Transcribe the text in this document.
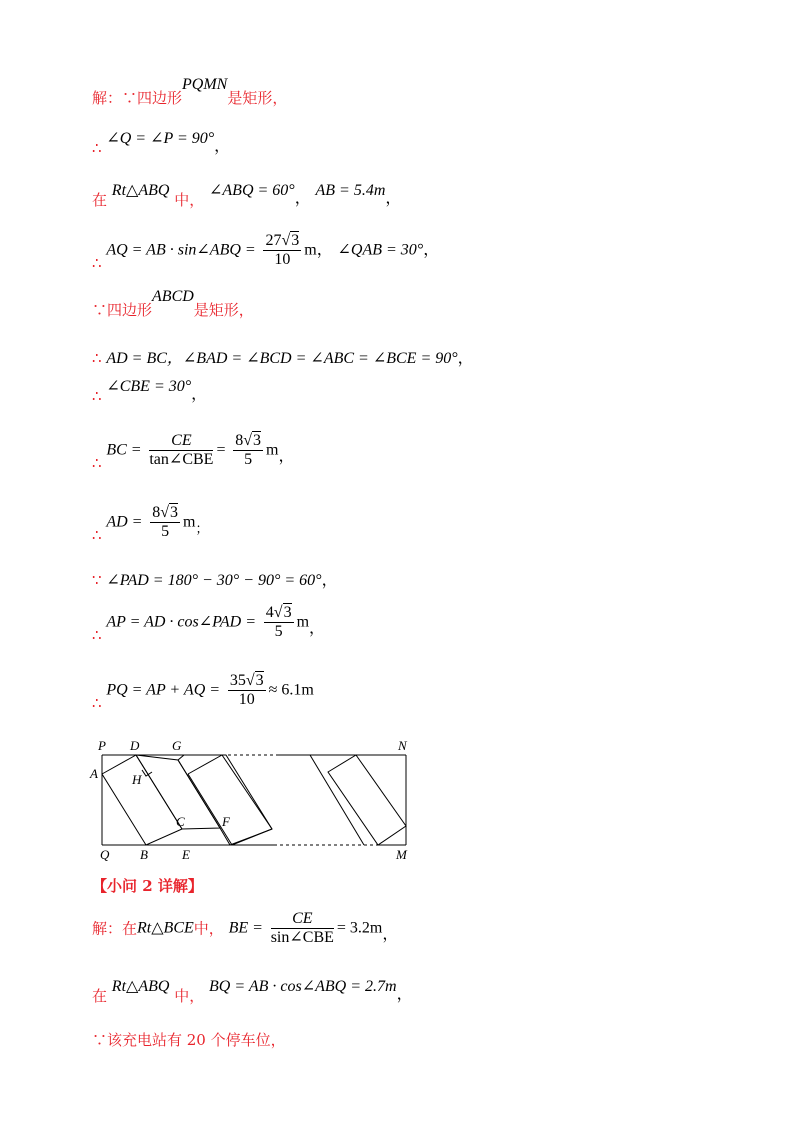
解：∵四边形PQMN是矩形，
∴ ∠Q = ∠P = 90°，
在 Rt△ABQ 中， ∠ABQ = 60°， AB = 5.4m，
∴ AQ = AB · sin∠ABQ = $\frac{27√3}{10}$ m， ∠QAB = 30°，
∵四边形ABCD是矩形，
∴ AD = BC，∠BAD = ∠BCD = ∠ABC = ∠BCE = 90°，
∴ ∠CBE = 30°，
∴ BC = $\frac{CE}{\text{tan∠CBE}} = \frac{8√3}{5}$ m，
∴ AD = $\frac{8√3}{5}$ m；
∵ ∠PAD = 180° − 30° − 90° = 60°，
∴ AP = AD · cos∠PAD = $\frac{4√3}{5}$ m，
∴ PQ = AP + AQ = $\frac{35√3}{10} \approx 6.1m$
P D	G	N
A	H
C	F
Q B	E	M
【小问 2 详解】
解：在Rt△BCE中， BE = $\frac{CE}{\text{sin∠CBE}} = 3.2m$，
在 Rt△ABQ 中， BQ = AB · cos∠ABQ = 2.7m，
∵该充电站有 20 个停车位，
